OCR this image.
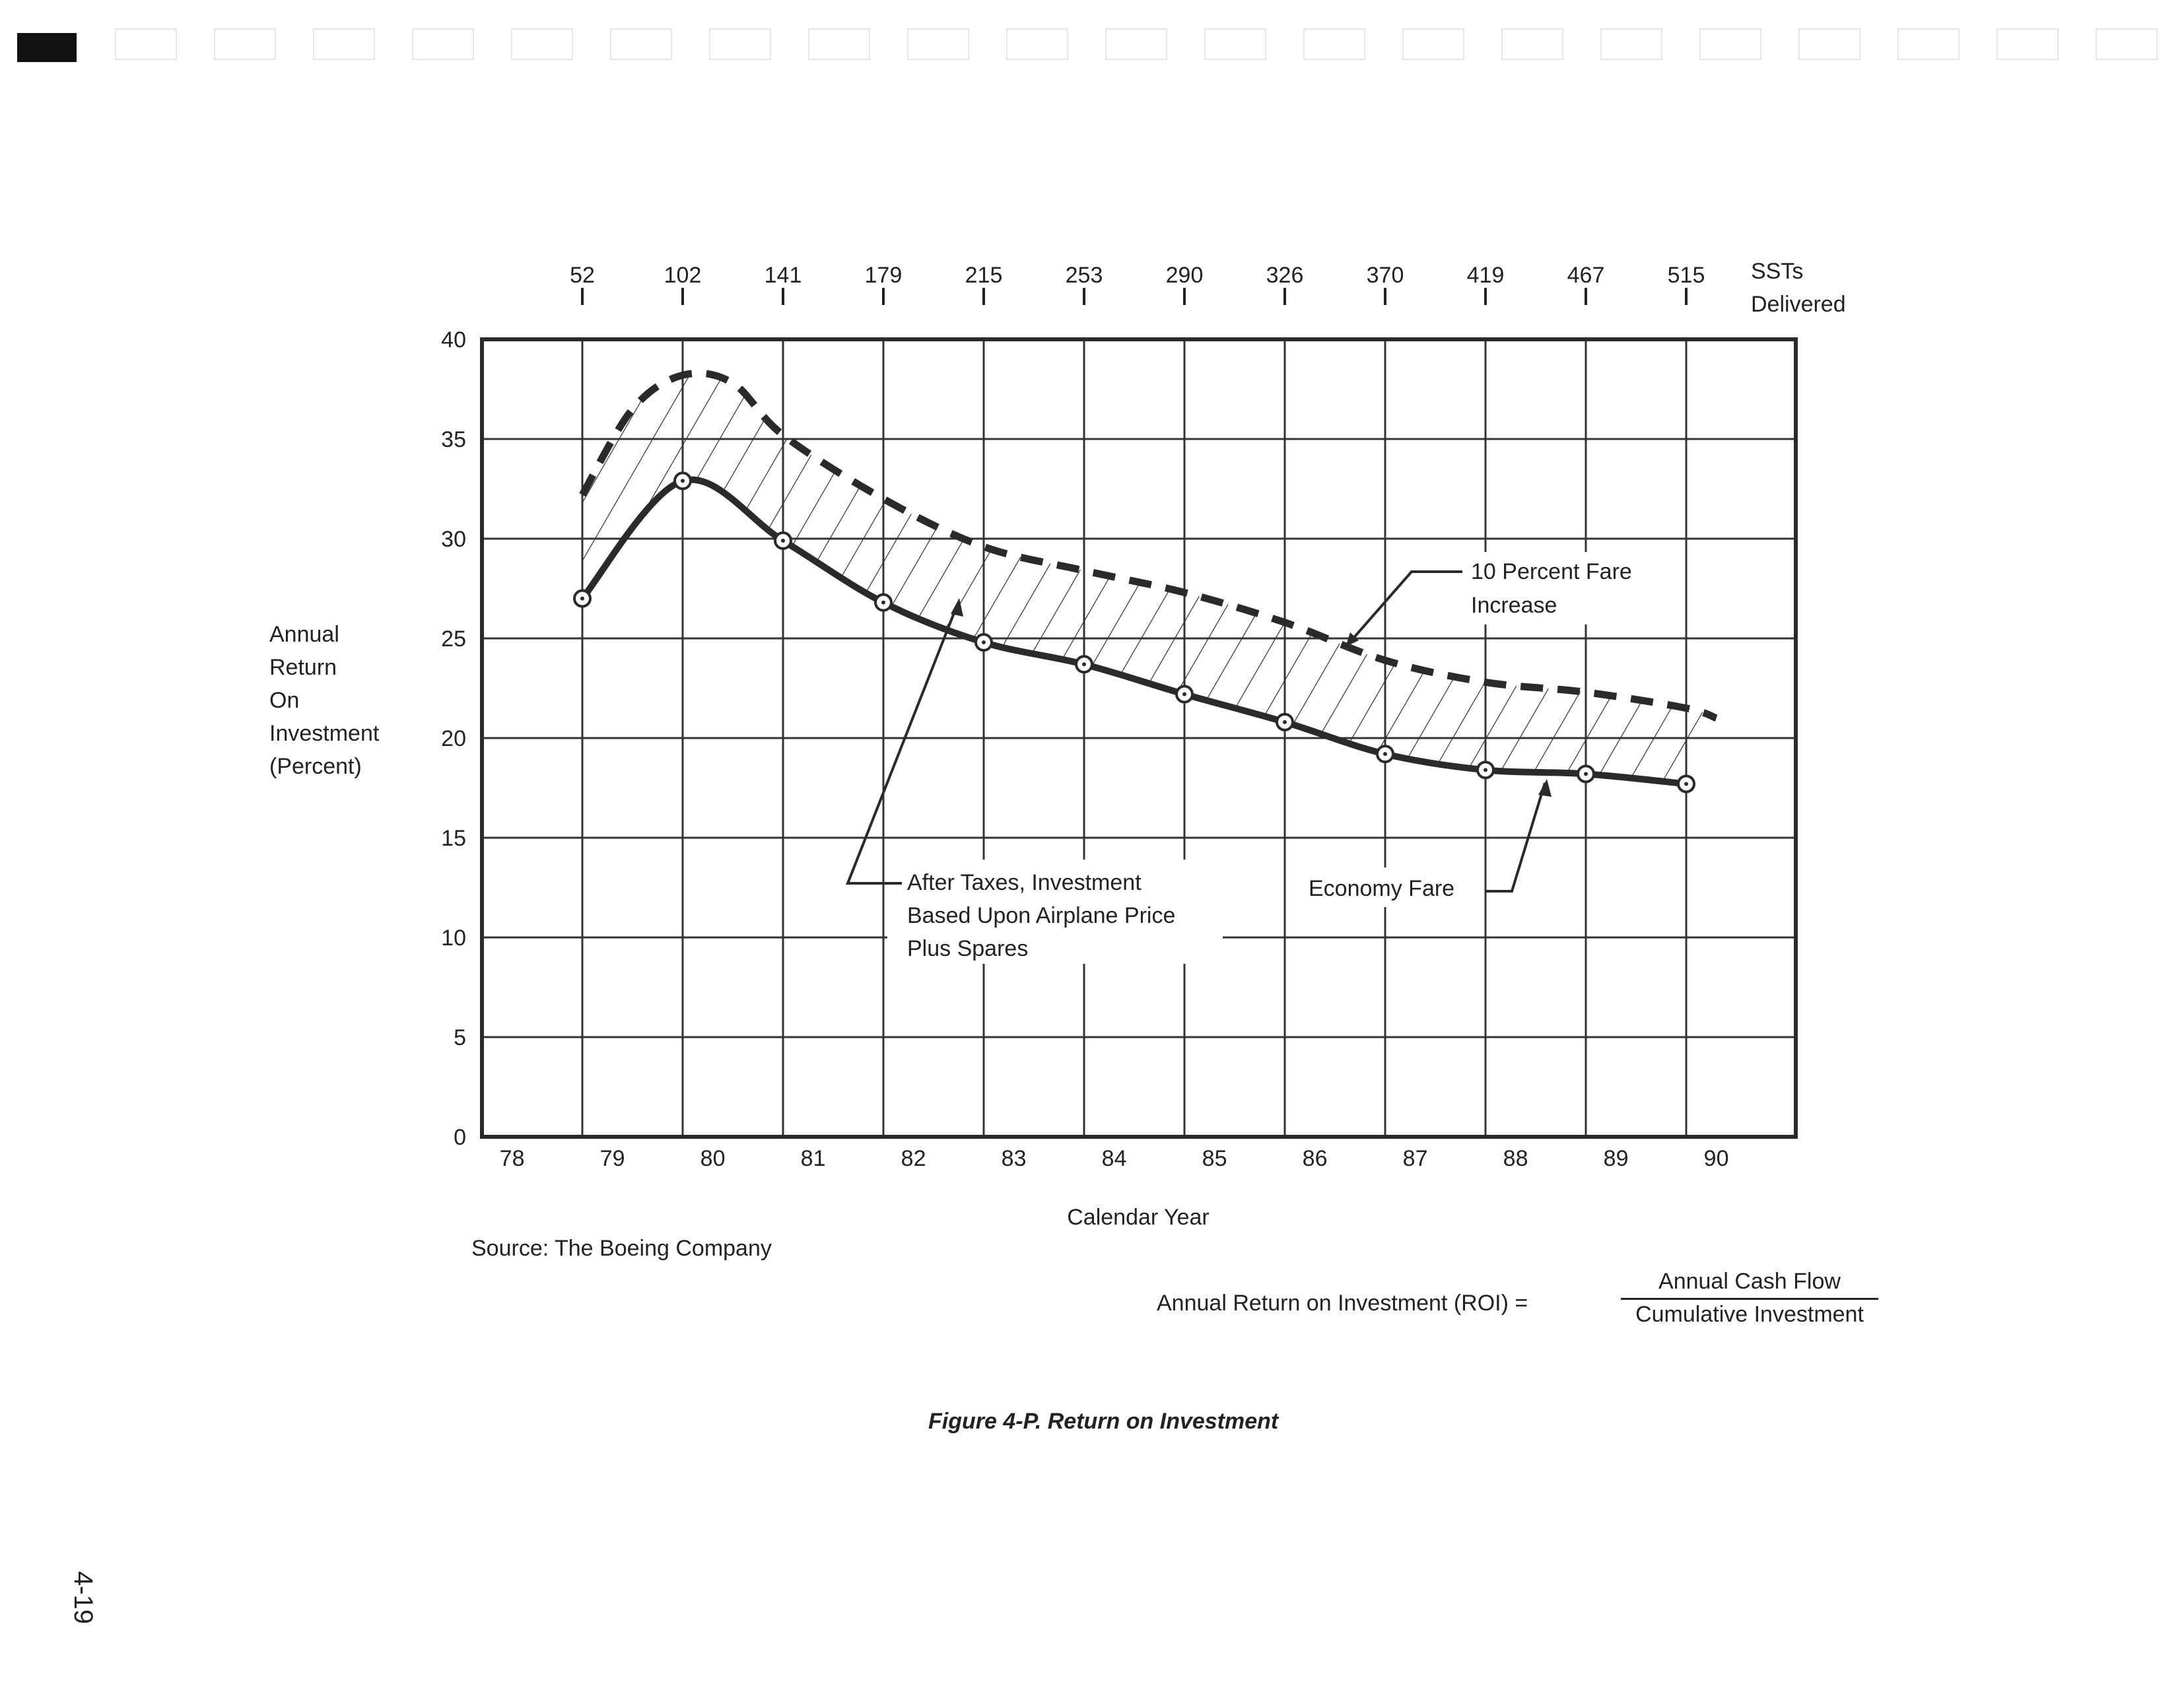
0
5
10
15
20
25
30
35
40
78	79	80	81	82	83	84	85	86	87	88	89	90
52	102	141	179	215	253	290	326	370	419	467	515 SSTs
Delivered
Calendar Year
10 Percent Fare
Increase
Economy Fare
After Taxes, Investment
Based Upon Airplane Price
Plus Spares
Annual
Return
On
Investment
(Percent)
Source: The Boeing Company
Annual Return on Investment (ROI) =
Annual Cash Flow
Cumulative Investment
Figure 4-P. Return on Investment
4-19
